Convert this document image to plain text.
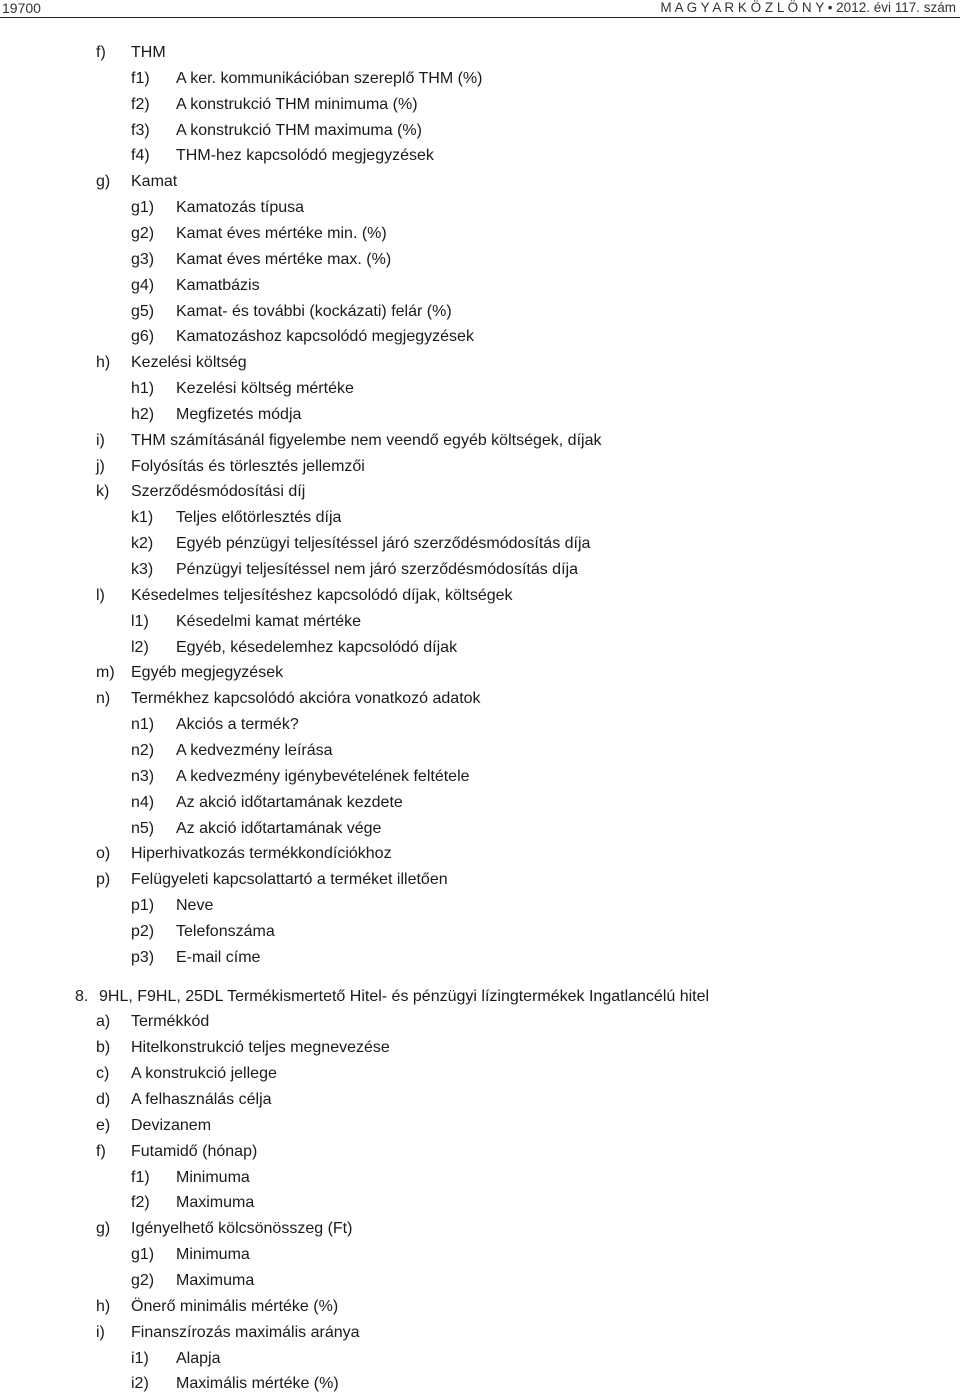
19700	M A G Y A R K Ö Z L Ö N Y • 2012. évi 117. szám
f) THM
f1) A ker. kommunikációban szereplő THM (%)
f2) A konstrukció THM minimuma (%)
f3) A konstrukció THM maximuma (%)
f4) THM-hez kapcsolódó megjegyzések
g) Kamat
g1) Kamatozás típusa
g2) Kamat éves mértéke min. (%)
g3) Kamat éves mértéke max. (%)
g4) Kamatbázis
g5) Kamat- és további (kockázati) felár (%)
g6) Kamatozáshoz kapcsolódó megjegyzések
h) Kezelési költség
h1) Kezelési költség mértéke
h2) Megfizetés módja
i) THM számításánál figyelembe nem veendő egyéb költségek, díjak
j) Folyósítás és törlesztés jellemzői
k) Szerződésmódosítási díj
k1) Teljes előtörlesztés díja
k2) Egyéb pénzügyi teljesítéssel járó szerződésmódosítás díja
k3) Pénzügyi teljesítéssel nem járó szerződésmódosítás díja
l) Késedelmes teljesítéshez kapcsolódó díjak, költségek
l1) Késedelmi kamat mértéke
l2) Egyéb, késedelemhez kapcsolódó díjak
m) Egyéb megjegyzések
n) Termékhez kapcsolódó akcióra vonatkozó adatok
n1) Akciós a termék?
n2) A kedvezmény leírása
n3) A kedvezmény igénybevételének feltétele
n4) Az akció időtartamának kezdete
n5) Az akció időtartamának vége
o) Hiperhivatkozás termékkondíciókhoz
p) Felügyeleti kapcsolattartó a terméket illetően
p1) Neve
p2) Telefonszáma
p3) E-mail címe
8. 9HL, F9HL, 25DL Termékismertető Hitel- és pénzügyi lízingtermékek Ingatlancélú hitel
a) Termékkód
b) Hitelkonstrukció teljes megnevezése
c) A konstrukció jellege
d) A felhasználás célja
e) Devizanem
f) Futamidő (hónap)
f1) Minimuma
f2) Maximuma
g) Igényelhető kölcsönösszeg (Ft)
g1) Minimuma
g2) Maximuma
h) Önerő minimális mértéke (%)
i) Finanszírozás maximális aránya
i1) Alapja
i2) Maximális mértéke (%)
